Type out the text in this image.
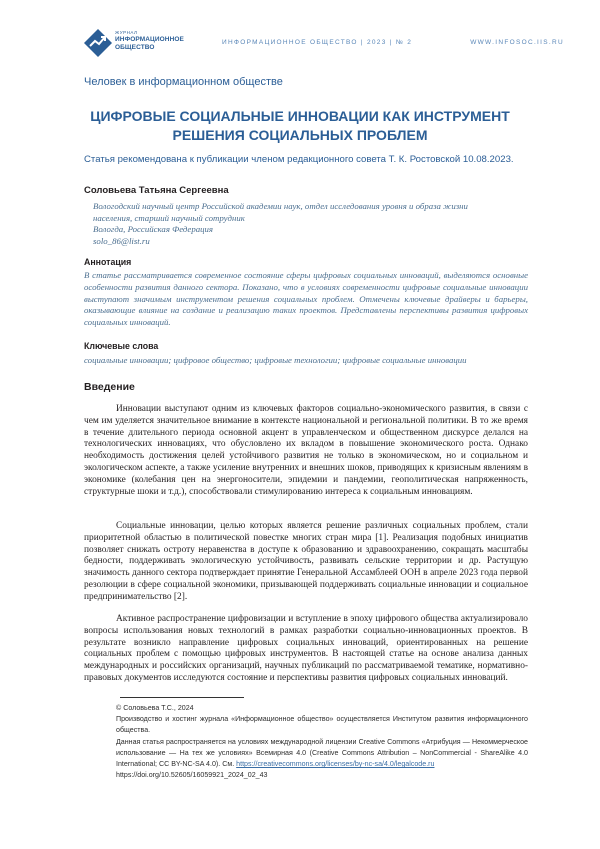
ЖУРНАЛ
ИНФОРМАЦИОННОЕ
ОБЩЕСТВО
ИНФОРМАЦИОННОЕ ОБЩЕСТВО | 2023 | № 2	WWW.INFOSOC.IIS.RU
Человек в информационном обществе
ЦИФРОВЫЕ СОЦИАЛЬНЫЕ ИННОВАЦИИ КАК ИНСТРУМЕНТ
РЕШЕНИЯ СОЦИАЛЬНЫХ ПРОБЛЕМ
Статья рекомендована к публикации членом редакционного совета Т. К. Ростовской 10.08.2023.
Соловьева Татьяна Сергеевна
Вологодский научный центр Российской академии наук, отдел исследования уровня и образа жизни
населения, старший научный сотрудник
Вологда, Российская Федерация
solo_86@list.ru
Аннотация
В статье рассматривается современное состояние сферы цифровых социальных инноваций, выделяются основные особенности развития данного сектора. Показано, что в условиях современности цифровые социальные инновации выступают значимым инструментом решения социальных проблем. Отмечены ключевые драйверы и барьеры, оказывающие влияние на создание и реализацию таких проектов. Представлены перспективы развития цифровых социальных инноваций.
Ключевые слова
социальные инновации; цифровое общество; цифровые технологии; цифровые социальные инновации
Введение
Инновации выступают одним из ключевых факторов социально-экономического развития, в связи с чем им уделяется значительное внимание в контексте национальной и региональной политики. В то же время в течение длительного периода основной акцент в управленческом и общественном дискурсе делался на технологических инновациях, что обусловлено их вкладом в повышение экономического роста. Однако необходимость достижения целей устойчивого развития не только в экономическом, но и социальном и экологическом аспекте, а также усиление внутренних и внешних шоков, приводящих к кризисным явлениям в экономике (колебания цен на энергоносители, эпидемии и пандемии, геополитическая напряженность, структурные шоки и т.д.), способствовали стимулированию интереса к социальным инновациям.
Социальные инновации, целью которых является решение различных социальных проблем, стали приоритетной областью в политической повестке многих стран мира [1]. Реализация подобных инициатив позволяет снижать остроту неравенства в доступе к образованию и здравоохранению, сокращать масштабы бедности, поддерживать экологическую устойчивость, развивать сельские территории и др. Растущую значимость данного сектора подтверждает принятие Генеральной Ассамблеей ООН в апреле 2023 года первой резолюции в сфере социальной экономики, призывающей поддерживать социальные инновации и социальное предпринимательство [2].
Активное распространение цифровизации и вступление в эпоху цифрового общества актуализировало вопросы использования новых технологий в рамках разработки социально-инновационных проектов. В результате возникло направление цифровых социальных инноваций, ориентированных на решение социальных проблем с помощью цифровых инструментов. В настоящей статье на основе анализа данных международных и российских организаций, научных публикаций по рассматриваемой тематике, нормативно-правовых документов исследуются состояние и перспективы развития цифровых социальных инноваций.
© Соловьева Т.С., 2024
Производство и хостинг журнала «Информационное общество» осуществляется Институтом развития информационного общества.
Данная статья распространяется на условиях международной лицензии Creative Commons «Атрибуция — Некоммерческое использование — На тех же условиях» Всемирная 4.0 (Creative Commons Attribution – NonCommercial - ShareAlike 4.0 International; CC BY-NC-SA 4.0). См. https://creativecommons.org/licenses/by-nc-sa/4.0/legalcode.ru
https://doi.org/10.52605/16059921_2024_02_43
